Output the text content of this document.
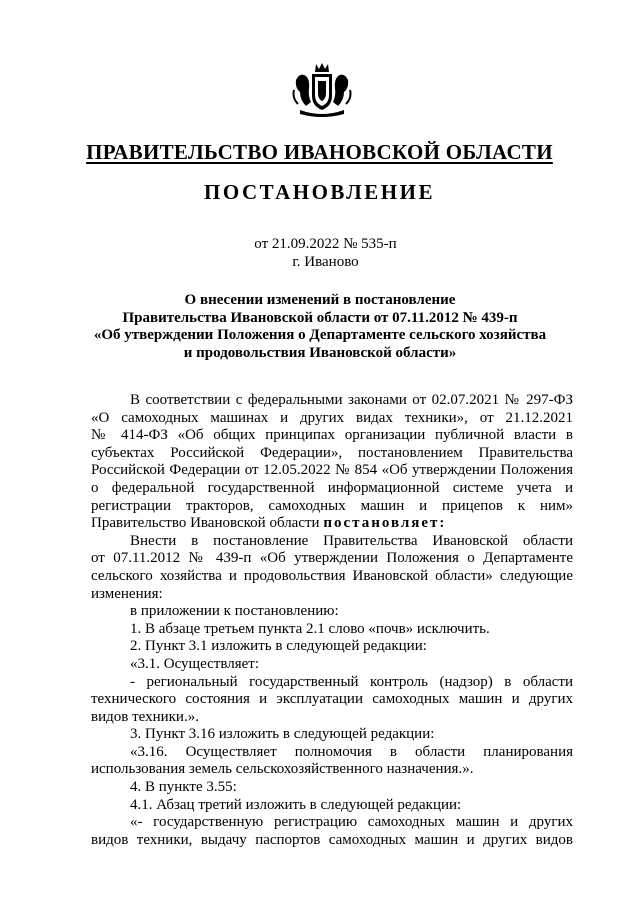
ПРАВИТЕЛЬСТВО ИВАНОВСКОЙ ОБЛАСТИ
ПОСТАНОВЛЕНИЕ
от 21.09.2022 № 535-п
г. Иваново
О внесении изменений в постановление
Правительства Ивановской области от 07.11.2012 № 439-п
«Об утверждении Положения о Департаменте сельского хозяйства
и продовольствия Ивановской области»
В соответствии с федеральными законами от 02.07.2021 № 297-ФЗ
«О самоходных машинах и других видах техники», от 21.12.2021
№ 414-ФЗ «Об общих принципах организации публичной власти в
субъектах Российской Федерации», постановлением Правительства
Российской Федерации от 12.05.2022 № 854 «Об утверждении Положения
о федеральной государственной информационной системе учета и
регистрации тракторов, самоходных машин и прицепов к ним»
Правительство Ивановской области постановляет:
Внести в постановление Правительства Ивановской области
от 07.11.2012 № 439-п «Об утверждении Положения о Департаменте
сельского хозяйства и продовольствия Ивановской области» следующие
изменения:
в приложении к постановлению:
1. В абзаце третьем пункта 2.1 слово «почв» исключить.
2. Пункт 3.1 изложить в следующей редакции:
«3.1. Осуществляет:
- региональный государственный контроль (надзор) в области
технического состояния и эксплуатации самоходных машин и других
видов техники.».
3. Пункт 3.16 изложить в следующей редакции:
«3.16. Осуществляет полномочия в области планирования
использования земель сельскохозяйственного назначения.».
4. В пункте 3.55:
4.1. Абзац третий изложить в следующей редакции:
«- государственную регистрацию самоходных машин и других
видов техники, выдачу паспортов самоходных машин и других видов
